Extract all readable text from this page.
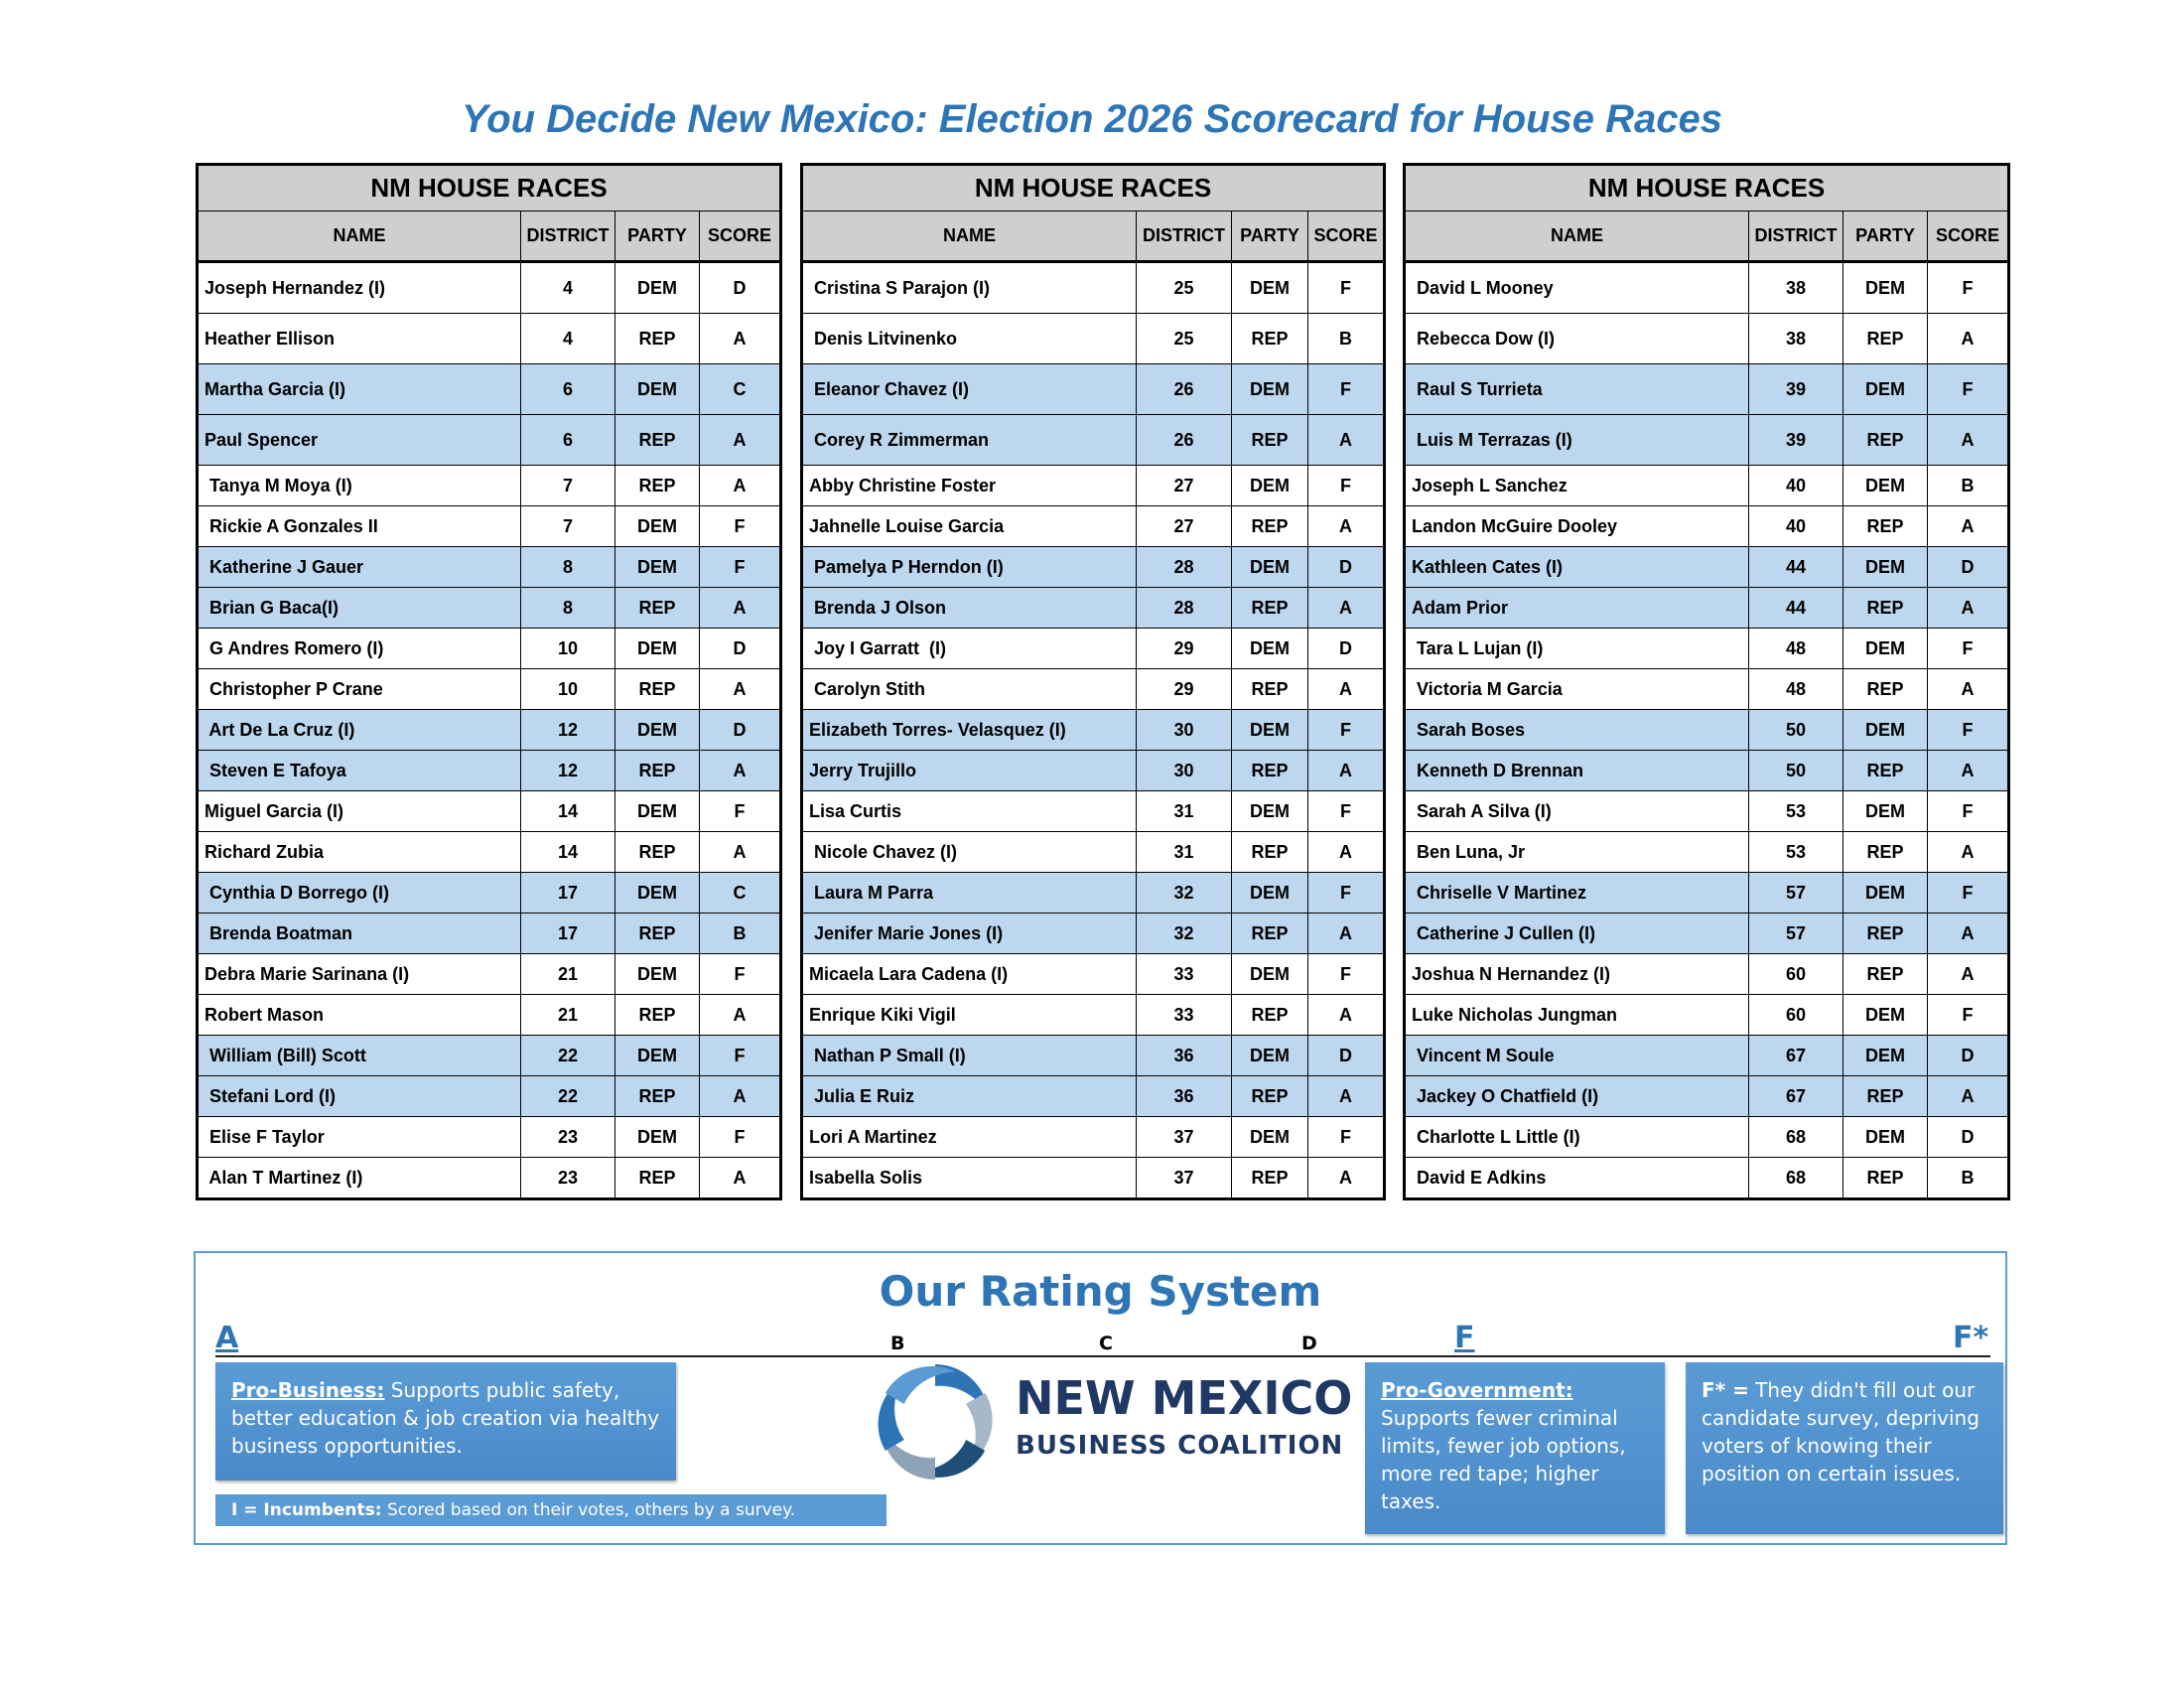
You Decide New Mexico: Election 2026 Scorecard for House Races
NM HOUSE RACES			
NAME	DISTRICT	PARTY	SCORE
Joseph Hernandez (I)	4	DEM	D
Heather Ellison	4	REP	A
Martha Garcia (I)	6	DEM	C
Paul Spencer	6	REP	A
Tanya M Moya (I)	7	REP	A
Rickie A Gonzales II	7	DEM	F
Katherine J Gauer	8	DEM	F
Brian G Baca(I)	8	REP	A
G Andres Romero (I)	10	DEM	D
Christopher P Crane	10	REP	A
Art De La Cruz (I)	12	DEM	D
Steven E Tafoya	12	REP	A
Miguel Garcia (I)	14	DEM	F
Richard Zubia	14	REP	A
Cynthia D Borrego (I)	17	DEM	C
Brenda Boatman	17	REP	B
Debra Marie Sarinana (I)	21	DEM	F
Robert Mason	21	REP	A
William (Bill) Scott	22	DEM	F
Stefani Lord (I)	22	REP	A
Elise F Taylor	23	DEM	F
Alan T Martinez (I)	23	REP	A
NM HOUSE RACES			
NAME	DISTRICT	PARTY	SCORE
Cristina S Parajon (I)	25	DEM	F
Denis Litvinenko	25	REP	B
Eleanor Chavez (I)	26	DEM	F
Corey R Zimmerman	26	REP	A
Abby Christine Foster	27	DEM	F
Jahnelle Louise Garcia	27	REP	A
Pamelya P Herndon (I)	28	DEM	D
Brenda J Olson	28	REP	A
Joy I Garratt  (I)	29	DEM	D
Carolyn Stith	29	REP	A
Elizabeth Torres- Velasquez (I)	30	DEM	F
Jerry Trujillo	30	REP	A
Lisa Curtis	31	DEM	F
Nicole Chavez (I)	31	REP	A
Laura M Parra	32	DEM	F
Jenifer Marie Jones (I)	32	REP	A
Micaela Lara Cadena (I)	33	DEM	F
Enrique Kiki Vigil	33	REP	A
Nathan P Small (I)	36	DEM	D
Julia E Ruiz	36	REP	A
Lori A Martinez	37	DEM	F
Isabella Solis	37	REP	A
NM HOUSE RACES			
NAME	DISTRICT	PARTY	SCORE
David L Mooney	38	DEM	F
Rebecca Dow (I)	38	REP	A
Raul S Turrieta	39	DEM	F
Luis M Terrazas (I)	39	REP	A
Joseph L Sanchez	40	DEM	B
Landon McGuire Dooley	40	REP	A
Kathleen Cates (I)	44	DEM	D
Adam Prior	44	REP	A
Tara L Lujan (I)	48	DEM	F
Victoria M Garcia	48	REP	A
Sarah Boses	50	DEM	F
Kenneth D Brennan	50	REP	A
Sarah A Silva (I)	53	DEM	F
Ben Luna, Jr	53	REP	A
Chriselle V Martinez	57	DEM	F
Catherine J Cullen (I)	57	REP	A
Joshua N Hernandez (I)	60	REP	A
Luke Nicholas Jungman	60	DEM	F
Vincent M Soule	67	DEM	D
Jackey O Chatfield (I)	67	REP	A
Charlotte L Little (I)	68	DEM	D
David E Adkins	68	REP	B
Our Rating System
A	B	C	D	F	F*
Pro-Business: Supports public safety, better education & job creation via healthy business opportunities.
I = Incumbents: Scored based on their votes, others by a survey.
NEW MEXICO
BUSINESS COALITION
Pro-Government:
Supports fewer criminal limits, fewer job options, more red tape; higher taxes.
F* = They didn't fill out our candidate survey, depriving voters of knowing their position on certain issues.
